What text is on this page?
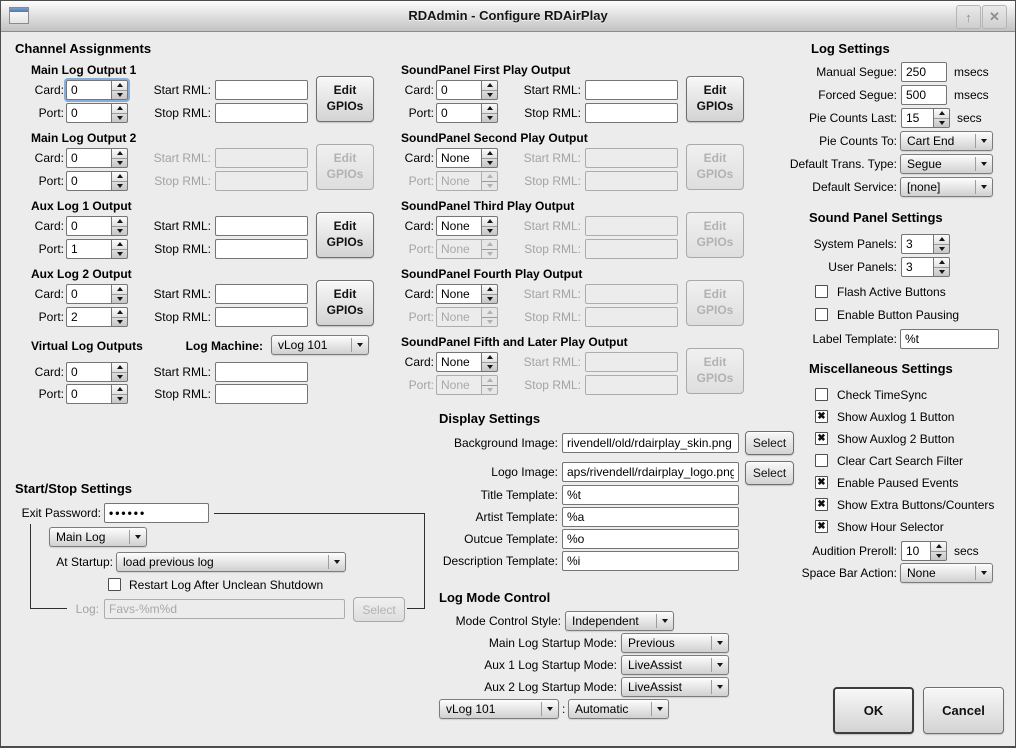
RDAdmin - Configure RDAirPlay	↑ ✕
Channel Assignments
Main Log Output 1
Card:
0	Start RML:
Port:
0	Stop RML:
Edit GPIOs
Main Log Output 2
Card:
0	Start RML:
Port:
0	Stop RML:
Edit GPIOs
Aux Log 1 Output
Card:
0	Start RML:
Port:
1	Stop RML:
Edit GPIOs
Aux Log 2 Output
Card:
0	Start RML:
Port:
2	Stop RML:
Edit GPIOs
Virtual Log Outputs	Log Machine:	vLog 101
Card:
0	Start RML:
Port:
0	Stop RML:
SoundPanel First Play Output
Card:
0	Start RML:
Port:
0	Stop RML:
Edit GPIOs
SoundPanel Second Play Output
Card:
None	Start RML:
Port:
None	Stop RML:
Edit GPIOs
SoundPanel Third Play Output
Card:
None	Start RML:
Port:
None	Stop RML:
Edit GPIOs
SoundPanel Fourth Play Output
Card:
None	Start RML:
Port:
None	Stop RML:
Edit GPIOs
SoundPanel Fifth and Later Play Output
Card:
None	Start RML:
Port:
None	Stop RML:
Edit GPIOs
Log Settings
Manual Segue:
250	msecs
Forced Segue:
500	msecs
Pie Counts Last:
15	secs
Pie Counts To: Cart End
Default Trans. Type: Segue
Default Service: [none]
Sound Panel Settings
System Panels:
3
User Panels:
3
Flash Active Buttons
Enable Button Pausing
Label Template:
%t
Miscellaneous Settings
Check TimeSync
✖ Show Auxlog 1 Button
✖ Show Auxlog 2 Button
Clear Cart Search Filter
✖ Enable Paused Events
✖ Show Extra Buttons/Counters
✖ Show Hour Selector
Audition Preroll:
10	secs
Space Bar Action: None
Display Settings
Background Image:
rivendell/old/rdairplay_skin.png	Select
Logo Image:
aps/rivendell/rdairplay_logo.png	Select
Title Template:
%t
Artist Template:
%a
Outcue Template:
%o
Description Template:
%i
Start/Stop Settings
Exit Password:
••••••
Main Log
At Startup: load previous log
Restart Log After Unclean Shutdown
Log:
Favs-%m%d	Select
Log Mode Control
Mode Control Style: Independent
Main Log Startup Mode: Previous
Aux 1 Log Startup Mode: LiveAssist
Aux 2 Log Startup Mode: LiveAssist
vLog 101	: Automatic	OK	Cancel
